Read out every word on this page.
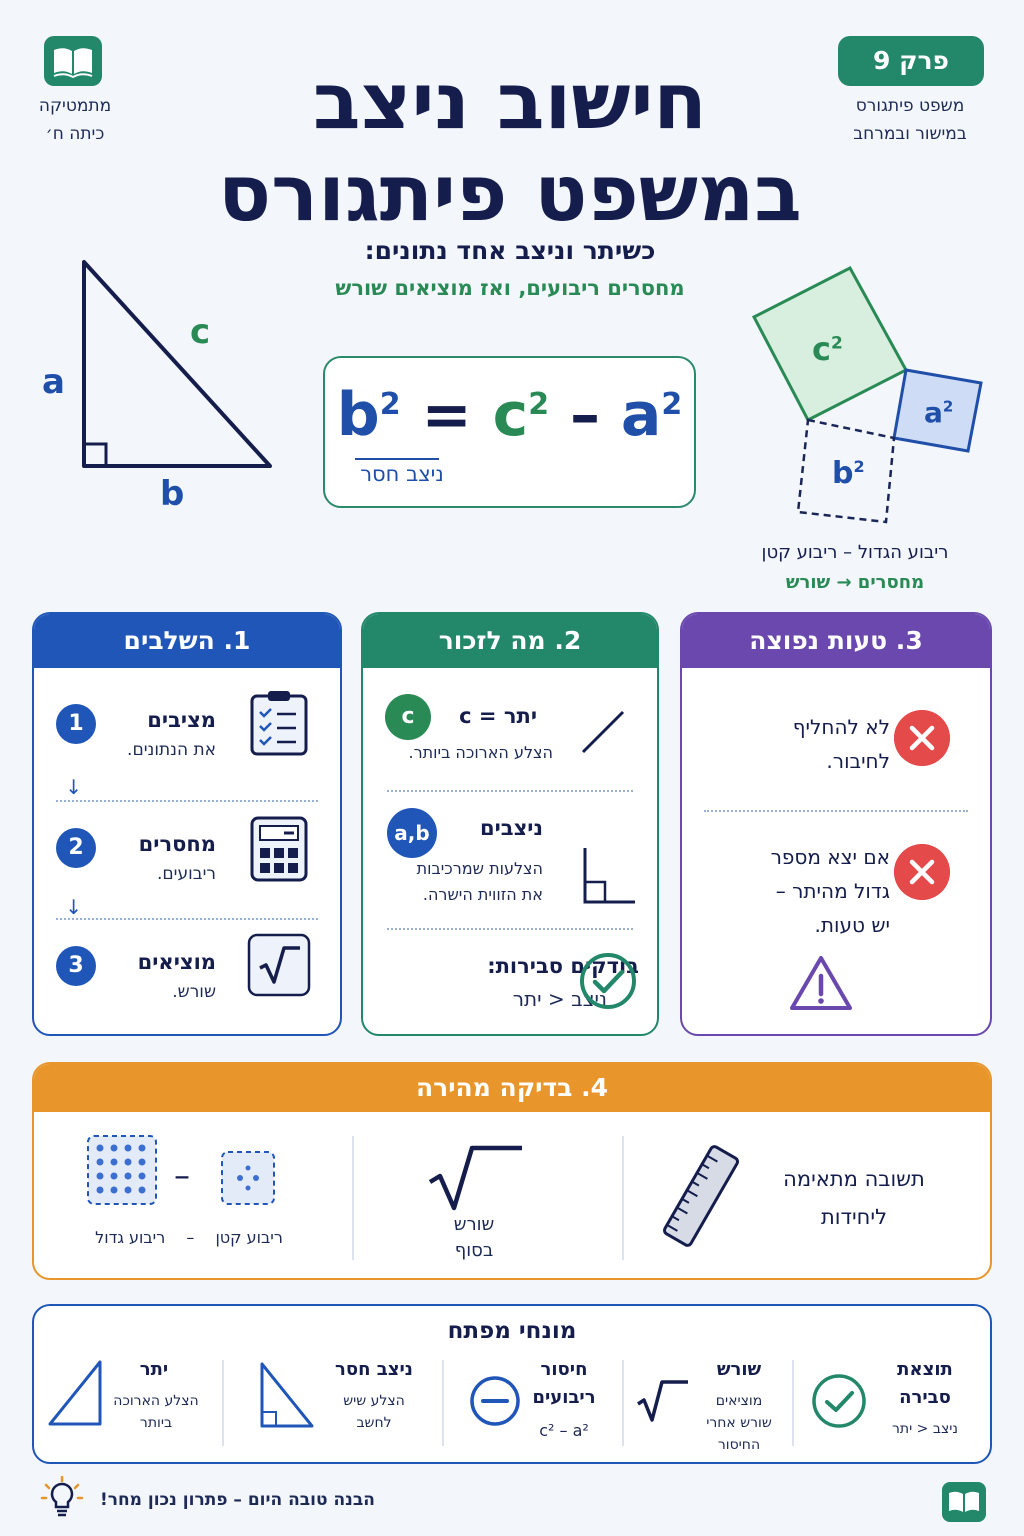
פרק 9
משפט פיתגורס
במישור ובמרחב
מתמטיקה
כיתה ח׳	חישוב ניצב
במשפט פיתגורס
כשיתר וניצב אחד נתונים:
מחסרים ריבועים, ואז מוציאים שורש
a
b
c
$b^2 = c^2 - a^2$
ניצב חסר
$c^2$
$a^2$
$b^2$
ריבוע הגדול – ריבוע קטן
מחסרים → שורש
1. השלבים
1	מציבים
את הנתונים.
↓
2	מחסרים
ריבועים.
↓
3	מוציאים
שורש.
2. מה לזכור
c	יתר = c
הצלע הארוכה ביותר.
a,b	ניצבים
הצלעות שמרכיבות
את הזווית הישרה.
בודקים סבירות:
ניצב < יתר
3. טעות נפוצה
לא להחליף
לחיבור.
אם יצא מספר
גדול מהיתר –
יש טעות.
4. בדיקה מהירה
תשובה מתאימה
ליחידות
שורש
בסוף
–
ריבוע קטן – ריבוע גדול
מונחי מפתח
תוצאת
סבירה
ניצב < יתר
שורש
מוציאים
שורש אחרי
החיסור
חיסור
ריבועים
c² – a²
ניצב חסר
הצלע שיש
לחשב
יתר
הצלע הארוכה
ביותר
הבנה טובה היום – פתרון נכון מחר!
